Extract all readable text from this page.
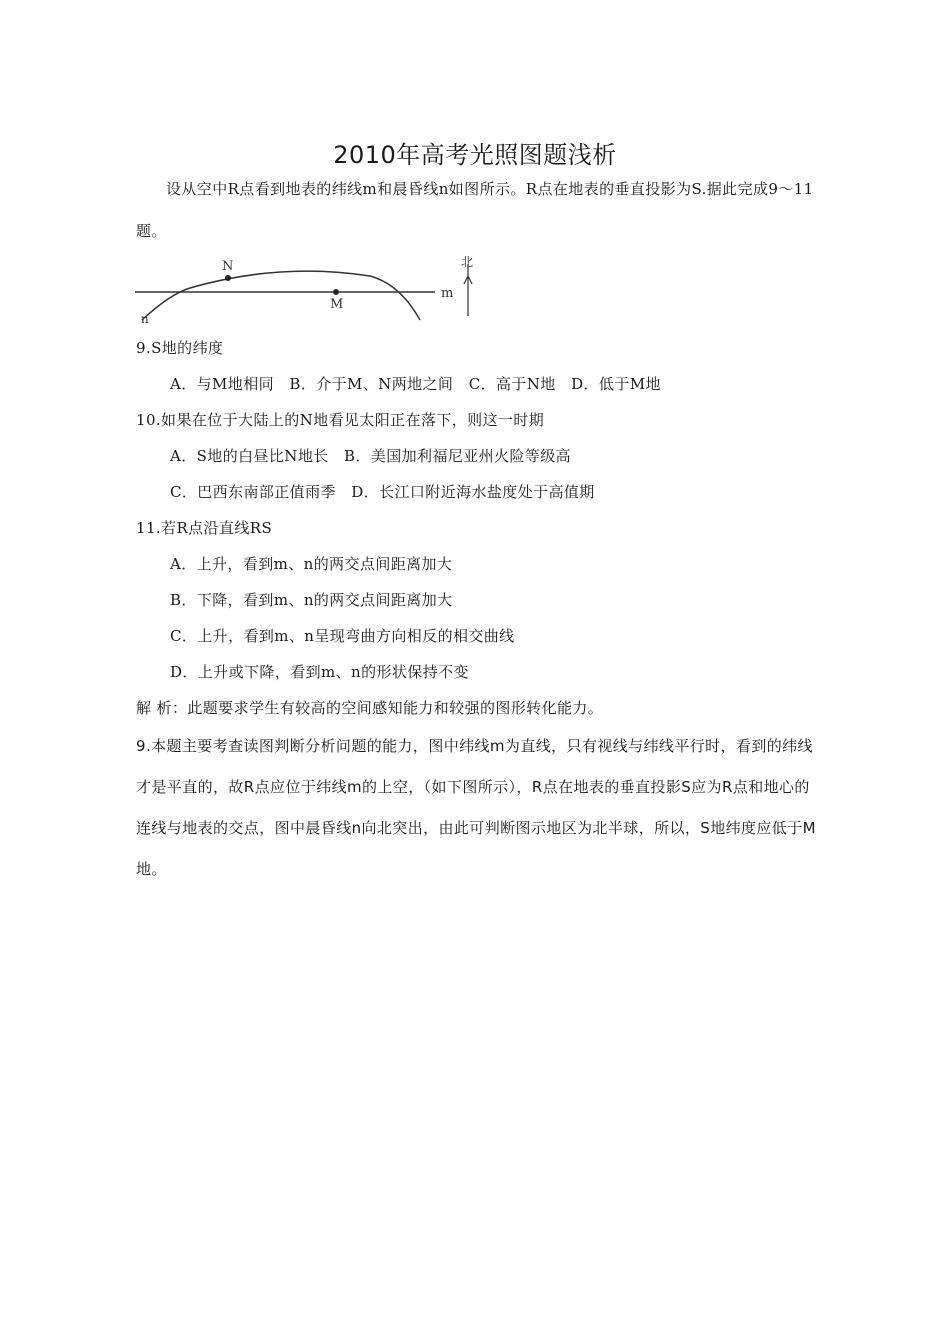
2010年高考光照图题浅析
设从空中R点看到地表的纬线m和晨昏线n如图所示。R点在地表的垂直投影为S.据此完成9～11题。
N
M
m
n
北
9.S地的纬度
A．与M地相同　B．介于M、N两地之间　C．高于N地　D．低于M地
10.如果在位于大陆上的N地看见太阳正在落下，则这一时期
A．S地的白昼比N地长　B．美国加利福尼亚州火险等级高
C．巴西东南部正值雨季　D．长江口附近海水盐度处于高值期
11.若R点沿直线RS
A．上升，看到m、n的两交点间距离加大
B．下降，看到m、n的两交点间距离加大
C．上升，看到m、n呈现弯曲方向相反的相交曲线
D．上升或下降，看到m、n的形状保持不变
解 析：此题要求学生有较高的空间感知能力和较强的图形转化能力。
9.本题主要考查读图判断分析问题的能力，图中纬线m为直线，只有视线与纬线平行时，看到的纬线才是平直的，故R点应位于纬线m的上空，（如下图所示），R点在地表的垂直投影S应为R点和地心的连线与地表的交点，图中晨昏线n向北突出，由此可判断图示地区为北半球，所以，S地纬度应低于M地。
